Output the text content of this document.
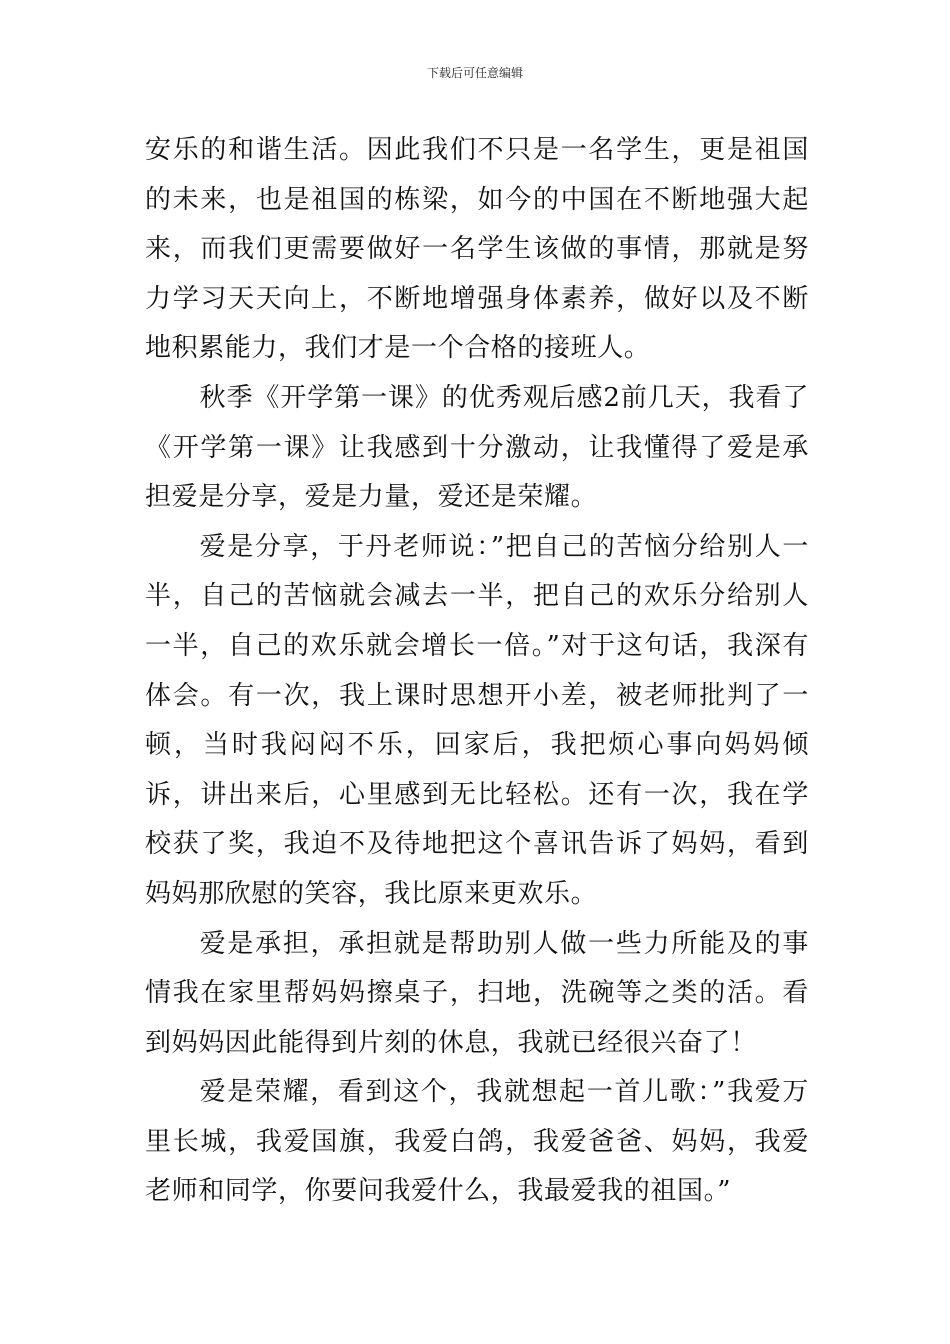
下载后可任意编辑

安乐的和谐生活。因此我们不只是一名学生，更是祖国的未来，也是祖国的栋梁，如今的中国在不断地强大起来，而我们更需要做好一名学生该做的事情，那就是努力学习天天向上，不断地增强身体素养，做好以及不断地积累能力，我们才是一个合格的接班人。

秋季《开学第一课》的优秀观后感2前几天，我看了《开学第一课》让我感到十分激动，让我懂得了爱是承担爱是分享，爱是力量，爱还是荣耀。

爱是分享，于丹老师说：”把自己的苦恼分给别人一半，自己的苦恼就会减去一半，把自己的欢乐分给别人一半，自己的欢乐就会增长一倍。”对于这句话，我深有体会。有一次，我上课时思想开小差，被老师批判了一顿，当时我闷闷不乐，回家后，我把烦心事向妈妈倾诉，讲出来后，心里感到无比轻松。还有一次，我在学校获了奖，我迫不及待地把这个喜讯告诉了妈妈，看到妈妈那欣慰的笑容，我比原来更欢乐。

爱是承担，承担就是帮助别人做一些力所能及的事情我在家里帮妈妈擦桌子，扫地，洗碗等之类的活。看到妈妈因此能得到片刻的休息，我就已经很兴奋了！

爱是荣耀，看到这个，我就想起一首儿歌：”我爱万里长城，我爱国旗，我爱白鸽，我爱爸爸、妈妈，我爱老师和同学，你要问我爱什么，我最爱我的祖国。”
